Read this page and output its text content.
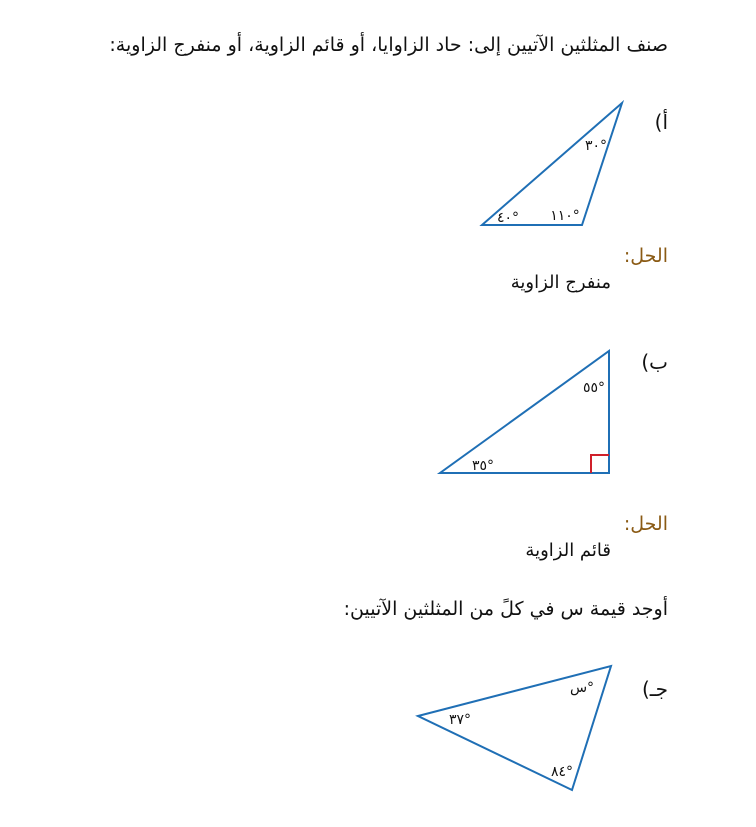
صنف المثلثين الآتيين إلى: حاد الزاوايا، أو قائم الزاوية، أو منفرج الزاوية:
أ)
الحل:
منفرج الزاوية
ب)
الحل:
قائم الزاوية
أوجد قيمة س في كلً من المثلثين الآتيين:
جـ)
٣٠°
١١٠°
٤٠°
٥٥°
٣٥°
س°
٣٧°
٨٤°
